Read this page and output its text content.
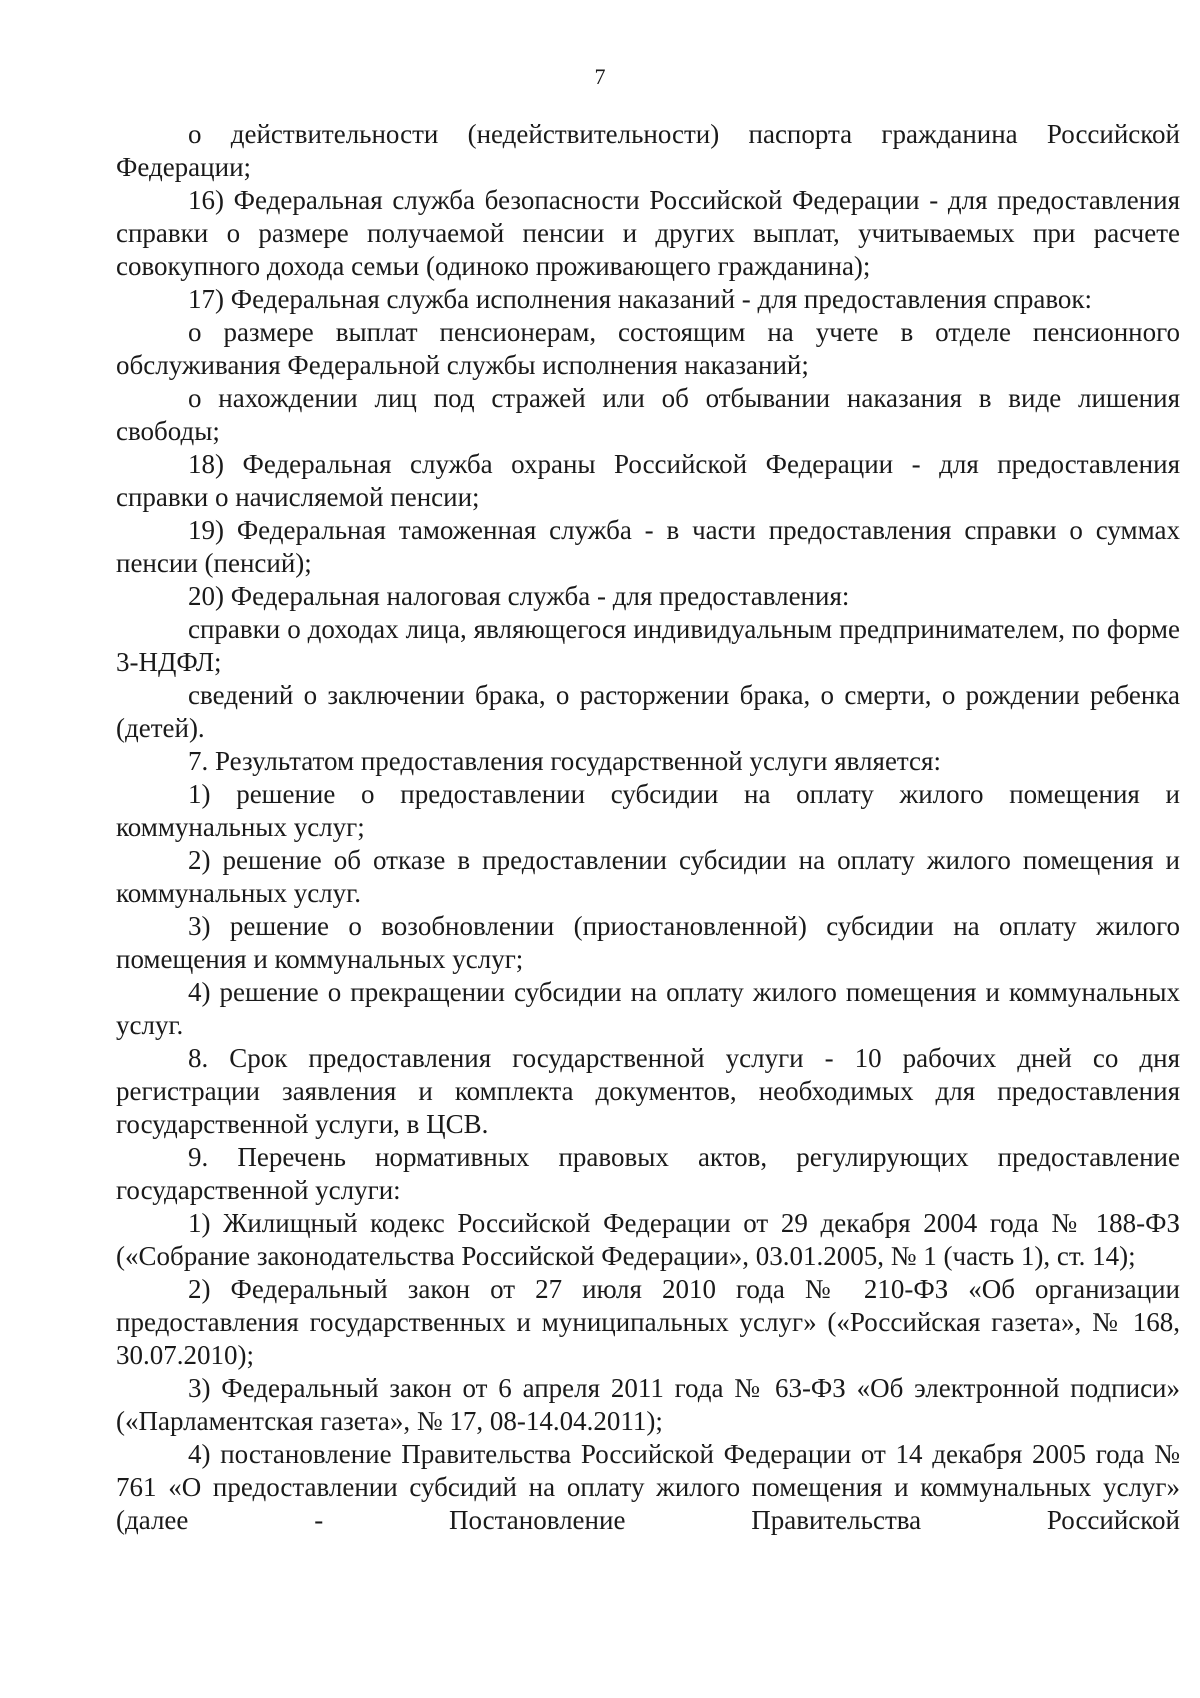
7

о действительности (недействительности) паспорта гражданина Российской Федерации;

16) Федеральная служба безопасности Российской Федерации - для предоставления справки о размере получаемой пенсии и других выплат, учитываемых при расчете совокупного дохода семьи (одиноко проживающего гражданина);

17) Федеральная служба исполнения наказаний - для предоставления справок:

о размере выплат пенсионерам, состоящим на учете в отделе пенсионного обслуживания Федеральной службы исполнения наказаний;

о нахождении лиц под стражей или об отбывании наказания в виде лишения свободы;

18) Федеральная служба охраны Российской Федерации - для предоставления справки о начисляемой пенсии;

19) Федеральная таможенная служба - в части предоставления справки о суммах пенсии (пенсий);

20) Федеральная налоговая служба - для предоставления:

справки о доходах лица, являющегося индивидуальным предпринимателем, по форме 3-НДФЛ;

сведений о заключении брака, о расторжении брака, о смерти, о рождении ребенка (детей).

7. Результатом предоставления государственной услуги является:

1) решение о предоставлении субсидии на оплату жилого помещения и коммунальных услуг;

2) решение об отказе в предоставлении субсидии на оплату жилого помещения и коммунальных услуг.

3) решение о возобновлении (приостановленной) субсидии на оплату жилого помещения и коммунальных услуг;

4) решение о прекращении субсидии на оплату жилого помещения и коммунальных услуг.

8. Срок предоставления государственной услуги - 10 рабочих дней со дня регистрации заявления и комплекта документов, необходимых для предоставления государственной услуги, в ЦСВ.

9. Перечень нормативных правовых актов, регулирующих предоставление государственной услуги:

1) Жилищный кодекс Российской Федерации от 29 декабря 2004 года № 188-ФЗ («Собрание законодательства Российской Федерации», 03.01.2005, № 1 (часть 1), ст. 14);

2) Федеральный закон от 27 июля 2010 года № 210-ФЗ «Об организации предоставления государственных и муниципальных услуг» («Российская газета», № 168, 30.07.2010);

3) Федеральный закон от 6 апреля 2011 года № 63-ФЗ «Об электронной подписи» («Парламентская газета», № 17, 08-14.04.2011);

4) постановление Правительства Российской Федерации от 14 декабря 2005 года № 761 «О предоставлении субсидий на оплату жилого помещения и коммунальных услуг» (далее - Постановление Правительства Российской
